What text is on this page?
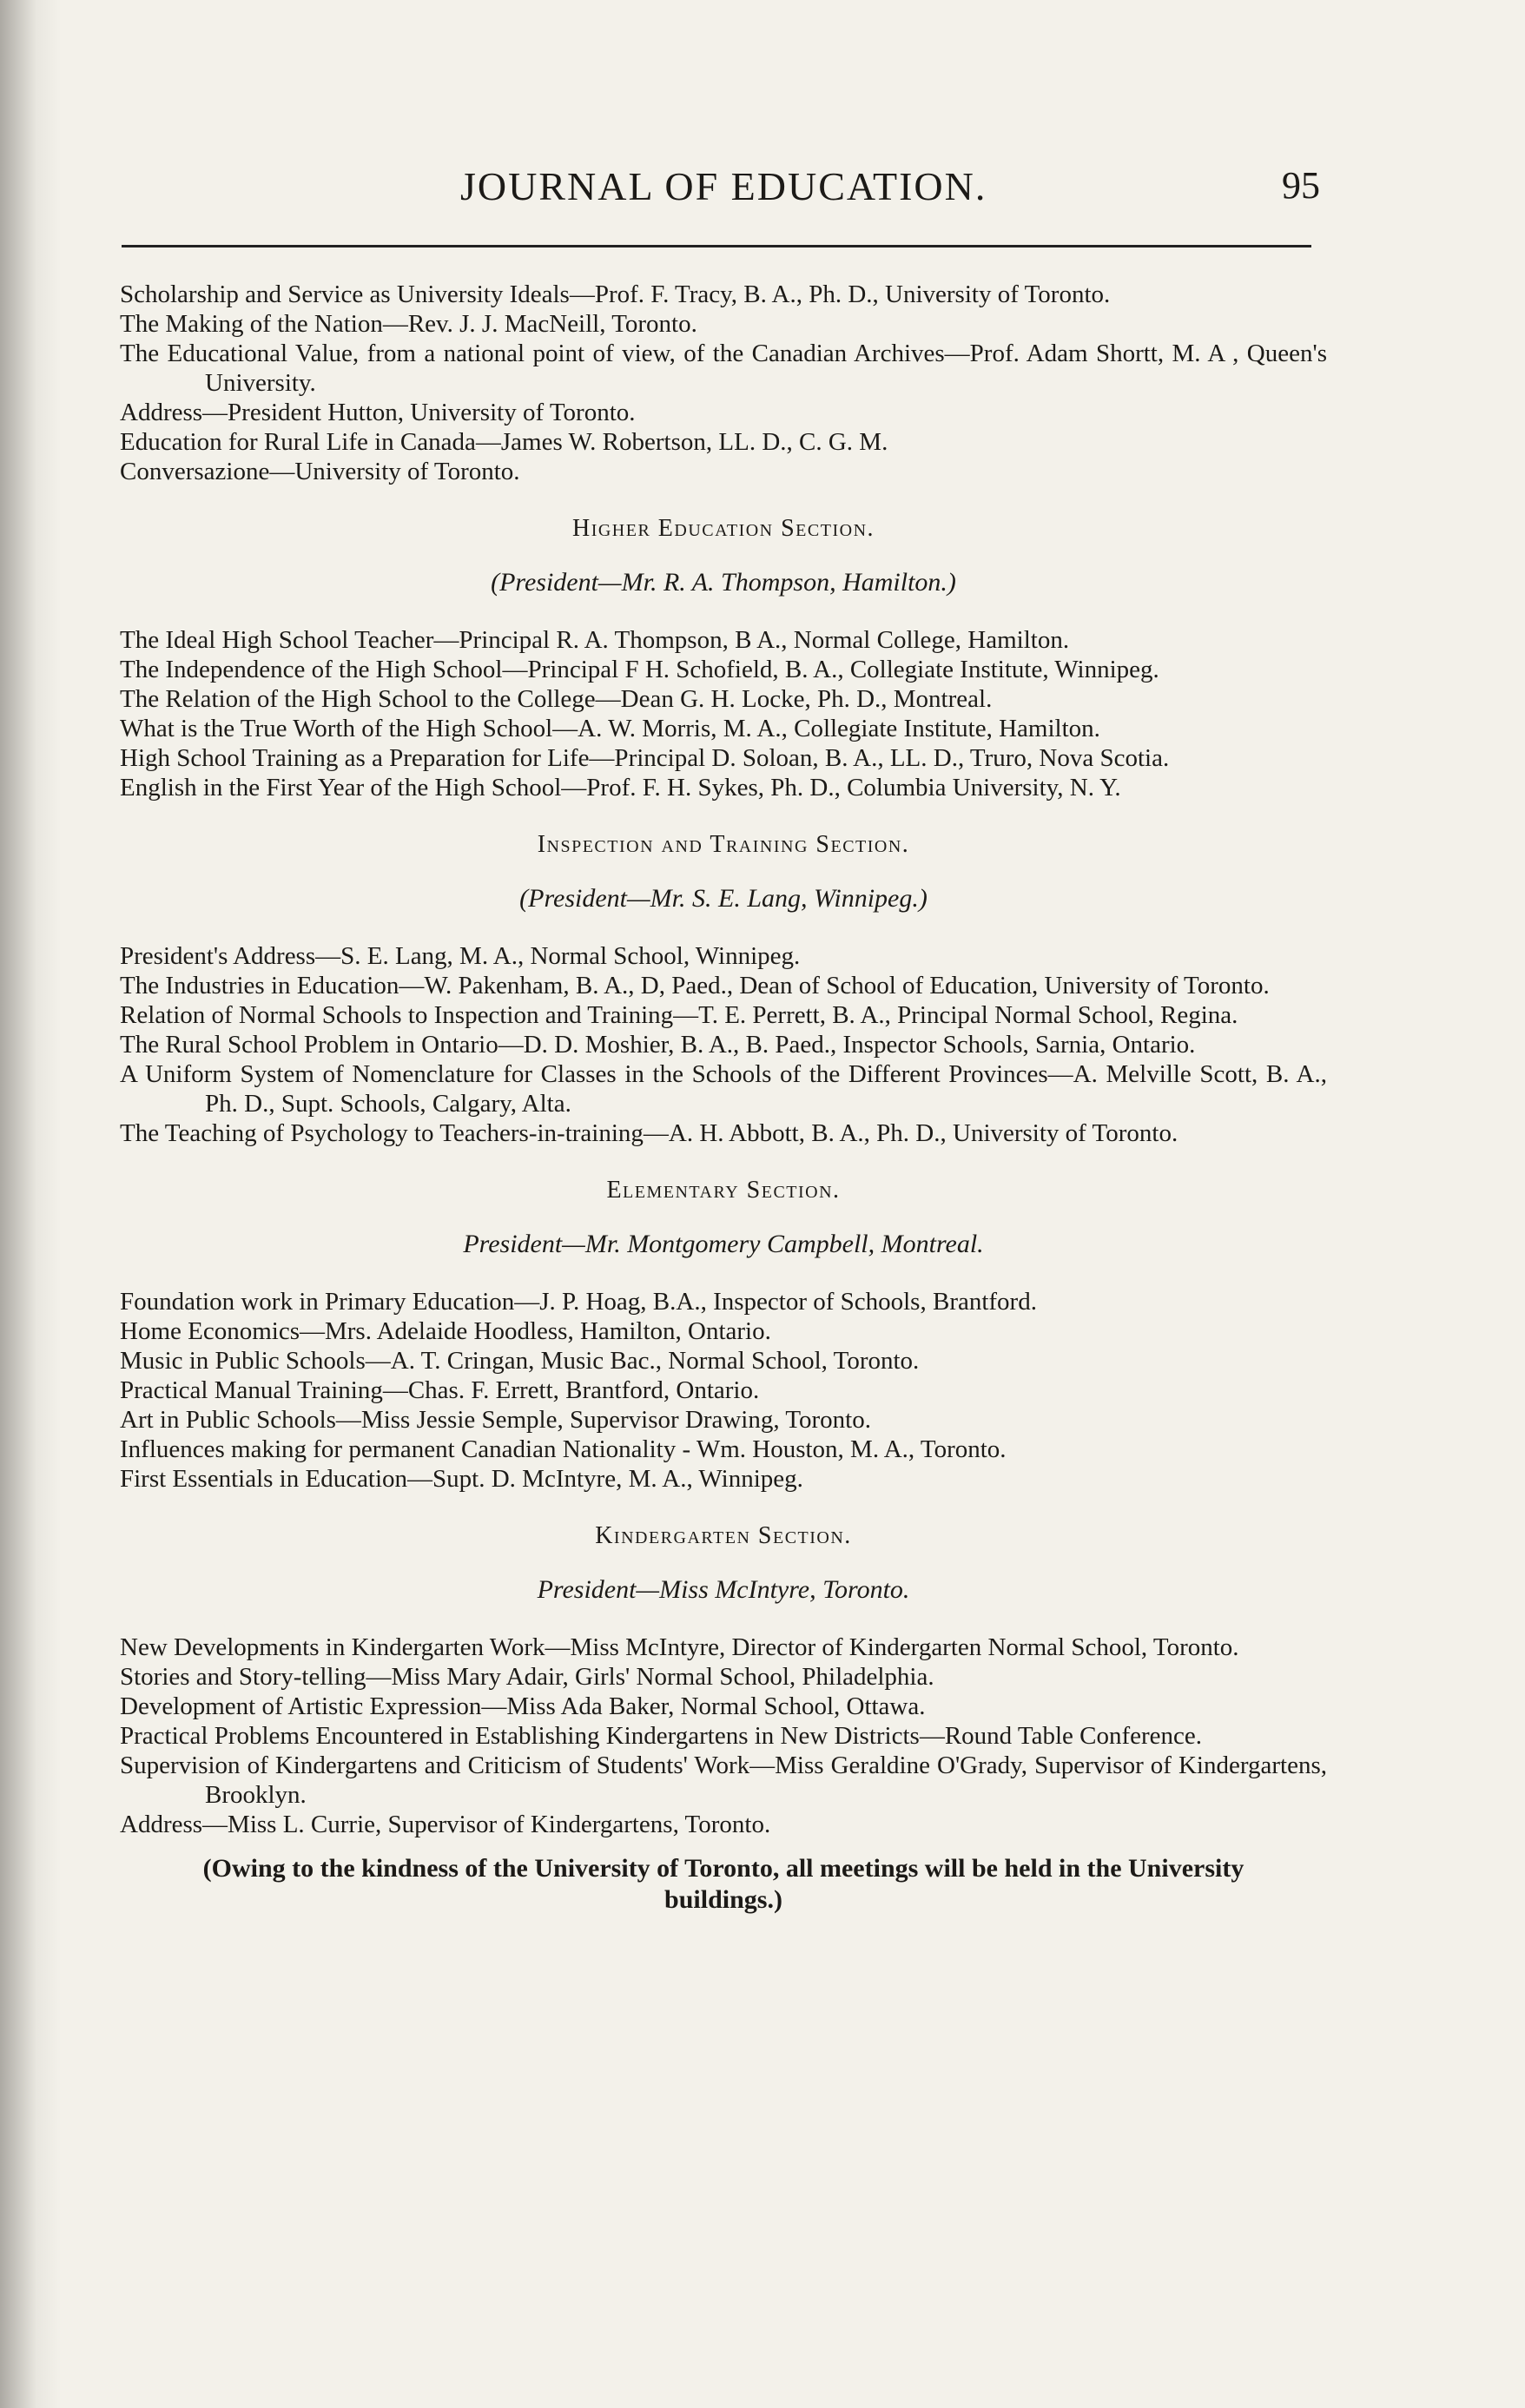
JOURNAL OF EDUCATION.	95

Scholarship and Service as University Ideals—Prof. F. Tracy, B. A., Ph. D., University of Toronto.

The Making of the Nation—Rev. J. J. MacNeill, Toronto.

The Educational Value, from a national point of view, of the Canadian Archives—Prof. Adam Shortt, M. A , Queen's University.

Address—President Hutton, University of Toronto.

Education for Rural Life in Canada—James W. Robertson, LL. D., C. G. M.

Conversazione—University of Toronto.

Higher Education Section.

(President—Mr. R. A. Thompson, Hamilton.)

The Ideal High School Teacher—Principal R. A. Thompson, B A., Normal College, Hamilton.

The Independence of the High School—Principal F H. Schofield, B. A., Collegiate Institute, Winnipeg.

The Relation of the High School to the College—Dean G. H. Locke, Ph. D., Montreal.

What is the True Worth of the High School—A. W. Morris, M. A., Collegiate Institute, Hamilton.

High School Training as a Preparation for Life—Principal D. Soloan, B. A., LL. D., Truro, Nova Scotia.

English in the First Year of the High School—Prof. F. H. Sykes, Ph. D., Columbia University, N. Y.

Inspection and Training Section.

(President—Mr. S. E. Lang, Winnipeg.)

President's Address—S. E. Lang, M. A., Normal School, Winnipeg.

The Industries in Education—W. Pakenham, B. A., D, Paed., Dean of School of Education, University of Toronto.

Relation of Normal Schools to Inspection and Training—T. E. Perrett, B. A., Principal Normal School, Regina.

The Rural School Problem in Ontario—D. D. Moshier, B. A., B. Paed., Inspector Schools, Sarnia, Ontario.

A Uniform System of Nomenclature for Classes in the Schools of the Different Provinces—A. Melville Scott, B. A., Ph. D., Supt. Schools, Calgary, Alta.

The Teaching of Psychology to Teachers-in-training—A. H. Abbott, B. A., Ph. D., University of Toronto.

Elementary Section.

President—Mr. Montgomery Campbell, Montreal.

Foundation work in Primary Education—J. P. Hoag, B.A., Inspector of Schools, Brantford.

Home Economics—Mrs. Adelaide Hoodless, Hamilton, Ontario.

Music in Public Schools—A. T. Cringan, Music Bac., Normal School, Toronto.

Practical Manual Training—Chas. F. Errett, Brantford, Ontario.

Art in Public Schools—Miss Jessie Semple, Supervisor Drawing, Toronto.

Influences making for permanent Canadian Nationality - Wm. Houston, M. A., Toronto.

First Essentials in Education—Supt. D. McIntyre, M. A., Winnipeg.

Kindergarten Section.

President—Miss McIntyre, Toronto.

New Developments in Kindergarten Work—Miss McIntyre, Director of Kindergarten Normal School, Toronto.

Stories and Story-telling—Miss Mary Adair, Girls' Normal School, Philadelphia.

Development of Artistic Expression—Miss Ada Baker, Normal School, Ottawa.

Practical Problems Encountered in Establishing Kindergartens in New Districts—Round Table Conference.

Supervision of Kindergartens and Criticism of Students' Work—Miss Geraldine O'Grady, Supervisor of Kindergartens, Brooklyn.

Address—Miss L. Currie, Supervisor of Kindergartens, Toronto.

(Owing to the kindness of the University of Toronto, all meetings will be held in the University buildings.)
